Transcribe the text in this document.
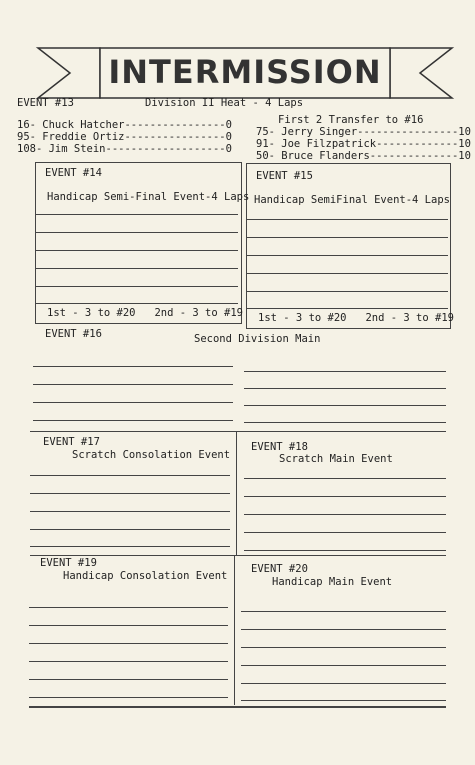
INTERMISSION
EVENT #13	Division II Heat - 4 Laps
First 2 Transfer to #16
16- Chuck Hatcher----------------0
95- Freddie Ortiz----------------0
108- Jim Stein-------------------0
75- Jerry Singer----------------10
91- Joe Filzpatrick-------------10
50- Bruce Flanders--------------10
EVENT #14
Handicap Semi-Final Event-4 Laps
EVENT #15
Handicap SemiFinal Event-4 Laps
1st - 3 to #20   2nd - 3 to #19 1st - 3 to #20   2nd - 3 to #19
EVENT #16	Second Division Main
EVENT #17
Scratch Consolation Event
EVENT #18
Scratch Main Event
EVENT #19
Handicap Consolation Event
EVENT #20
Handicap Main Event
